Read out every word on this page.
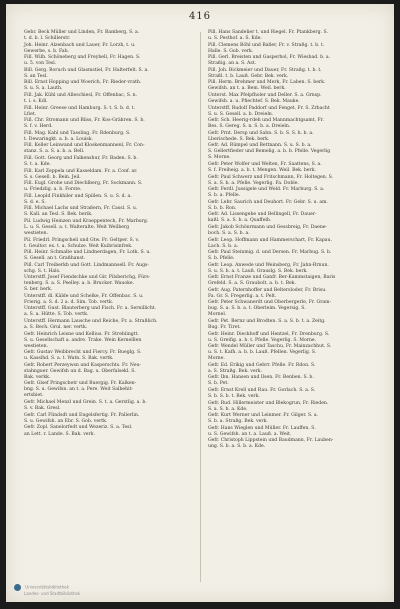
416
Gebr. Beck Müller und Linden, Fr. Bamberg, S. a.
t. d. b. l. Schillerstr.
Joh. Heinr. Alzenbach und Lauer, Fr. Lorzh, t. u.
Gewerbe, s. b. Fab.
Fill. Wilh. Schöneberg und Freybell, Fr. Hagen. S.
u. 5. von Tesl.
Bill. Gerg. Boruch und Glasmstiel, Fr. Halterfelt. S. a.
S. an Tesl.
Bill. Ernst Hopping und Woerich, Fr. Rieder-vrath.
S. u. S. a. Lauth.
Fill. Jak. Kühl und Alleschiesl, Fr. Offenbac, S. n.
t. i. s. Kdl.
Fill. Heinr. Greese und Hamburg. S. t. S. b. d. t.
Lfiet.
Fill. Chr. Stromann und Bliss, Fr. Kos-Grähren. S. b.
S. f. v. Herd.
Fill. Mag. Kahl und Tassling, Fr. Rdenburg. S.
t. Dewaringkt. a. b. a. Louisk.
Fill. Keller Leinwand und Kloskenmannenl, Fr. Con-
stanz. S. a. S. a. b. a. Bell.
Fill. Gott. Georg und Falkenshur, Fr. Baden. S. b.
S. t. a. Kde.
Fill. Karl Zeppela und Kasseldam. Fr. a. Conf. ar.
S. s. Gesell. b. Bein. Jeil.
Fill. Eugl. Grohe und Diechlberg, Fr. Sockmann. S.
u. Friedzlig. a. b. Forste.
Fill. Leopld Finkhiler und Spillen. S. u. S. d. a.
S. d. e. S.
Fill. Michael Lachs und Straßern, Fr. Cassl. S. u.
S. Kall. an Tesl. S. Bek. berik.
Pil. Ludwig Heinzen und Kraeppentech, Fr. Marburg.
L. u. S. Gesell. a. t. Walteralte. Weit Weilberg
westieten.
Pil. Friedrl. Pringscheli und Gtw. Fr. Geltper. S. v.
t. Geultor. ex. t. a. Schulze. Weit Kuibrisinfrek.
Pill. Heinr. Schmalte und Lindnerdagen, Fr. Lotk. S. u.
S. Gesell. an t. Graßhanst.
Pill. Carl Treiberkh und Gott. Lindmannsell. Fr. Augs-
schg. S. t. Hals.
Unterstff. Josef Fiendschke und Gir. Pilsberichg, Fürs-
tenberg. S. a. S. Peelley. a. b. Brucker. Wauoke.
S. ber. berk.
Unterstff. dl. Kälde und Schelke, Fr. Offenbac. S. u.
Frierig. a. S. d. 2 a. d. Sim. Tob. vertk.
Unterstff. Gust. Blauterberg und Fisch. Fr. a. Sernillicht.
a. S. a. Hütte. S. Tob. vertk.
Unterstff. Hermann Lausche und Reiche, Fr. a. Straßlich.
a. S. Bech. Grul. ner. vertk.
Gefr. Heinrich Leisne und Kellius. Fr. Strehlingtt.
S. u. Gesellschaft a. andre. Trake. Wein Kernelllen
westieten.
Gefr. Gustav Weibbrecht und Fiercy. Fr. Bueglg. S.
u. Kasslhd. S. a. t. Watn. S. Bak. vertk.
Gefr. Robert Perzeywsn und Kasperschts. Fr. Neu-
stahnguer. Gewifsh un d. Bag. u. Oberfalsekl. S.
Bak. verkk.
Gefr. Glsef Pringschetr und Buergig. Fr. Kalken-
bng. S. u. Gewifsn. an t. a. Pere. Weit Salbehit-
ertsbiet.
Gefr. Michael Menzl und Grein. S. t. a. Gerstlig. a. b.
S. v. Bak. Gresl.
Gefr. Carl Flindsdt und Engelsfertig. Fr. Pallerlin.
S. u. Gewifsh. an Ebr. S. Gob. vertk.
Gefr. Zopl. Sanelorfedt und Wezeriz. S. a. Tesl.
an Lett. r. Lande. S. Bak. verk.
Pill. Hans Sandelier t. und Riegel. Fr. Ptankberg. S.
u. S. Pesthof. a. S. Kde.
Pill. Clemens Böhl und Baller, Fr. v. Straßg. t. b. t.
Halle. S. Gob. verk.
Pill. Gerl. Breisten und Gasperhol, Fr. Wiesbad. b. a.
Straßig. an a. S. Ast.
Pill. Joh. Bickmeier und Dauer, Fr. Straßg. t. b. t.
Straßl. t. b. Lauß. Gebr. Bek. verk.
Pill. Herm. Brehmer und Merk, Fr. Laben. S. berk.
Gewifsh. an t. a. Bem. Weil. berk.
Unterst. Max Pfelpfholer und Deller. S. a. Grnsp.
Gewifsh. a. u. Pfiechtef. S. Bek. Mauke.
Unterstff. Rudolf Paddorf und Fenget, Fr. S. Zrbacht
S. u. S. Gesell. a. b. Dreieln.
Gefr. Sch. Heerig-rdeh und Mannmachtgsamt, Fr.
Bes. S. Gereg. S. n. S. b. a. Dreieln.
Gefr. Prnt. Dersp und Sahn. S. b. S. S. h. b. a.
Lberischede. S. Bek. berk.
Gefr. Ad. Rümpel und Bettnann. S. u. S. b. a.
S. Gellertfieder und Bemelig. a. b. b. Pfelle. Vegerlig
S. Morne.
Gefr. Peter Wolfer und Welten, Fr. Saattens, S. a.
S. f. Freiheig. a. b. t. Mengen. Weil. Bek. berk.
Gefr. Paul Schwerz und Fritschmann, Fr. Holtegen. S.
S. a. S. b. a. Pfelle. Vegerlig. Fa. Doble.
Gefr. Ferdl. Jussigele und Weld. Fr. Marburg. S. a.
S. b. a. Pfelle.
Gefr. Lebr. Saurich und Deuhort. Fr. Gebr. S. u. am.
S. b. b. Ron.
Gefr. Ad. Lissengebe und Bellingell, Fr. Dauer-
kaßl. S. a. S. b. a. Quaffelb.
Gefr. Jakob Schönrmann und Gessbreig, Fr. Daene-
boch. S. a. S. b. a.
Gefr. Leop. Hoffmann und Hammerschart, Fr. Kapau.
Lach. S. b. a.
Gefr. Paul Steinmig. d. und Dersen. Fr. Marbug. S. b.
S. b. Pfelle.
Gefr. Leop. Anwede und Weinsberg, Fr. Jahn-Rrnun.
S. u. S. b. a. t. Lauß. Grauslg. S. Bek. berk.
Gefr. Ernst Franze und Ganfr. Ber-Kammstaigen, Baris
Grefeld. S. a. S. Graubolt. a. b. t. Bek.
Gefr. Aug. Paternhoffer und Beltersloder, Fr. Brisu.
Fa. Gr. S. Fregerlig. a. t. Pelt.
Gefr. Peter Schwanerdt und Oberbergerle, Fr. Gram-
bug. S. a. S. b. a. t. Oberleim. Vegersig. S.
Mornel.
Gefr. Pet. Bernz und Brodten. S. a. S. b. t. a. Zeitg.
Bug. Fr. Tiret.
Gefr. Heinr. Dieckhoff und Hentzel, Fr. Drenburg. S.
u. S. Greifig. a. b. t. Pfelle. Vegerlig. S. Morne.
Gefr. Wendel Müller und Taschu, Fr. Mainzachhut. S.
u. S. t. Kafh. a. b. b. Lauß. Pfellen. Vegerlig. S.
Morne.
Gefr. Ed. Erikig und Gebrr. Pfelle. Fr. Rdon. S.
a. S. Straßg. Bek. verk.
Gefr. Ibn. Hansen und Ilsen. Fr. Benben. S. b.
S. b. Pet.
Gefr. Ernst Krell und Rau. Fr. Gorlach. S. a. S.
S. b. S. b. t. Bek. verk.
Gefr. Rud. Hillermeister und Blekogrun, Fr. Rieden.
S. a. S. b. a. Kde.
Gefr. Kurt Werner und Leinmer. Fr. Gilger. S. a.
S. b. a. Straßg. Bek. verk.
Gefr. Hans Wieglen und Müller. Fr. Lauffen. S.
u. S. Gewifsh. an t. a. Lauß. a. Weit.
Gefr. Christoph Lippstein und Baudmann, Fr. Lauben-
ung. S. b. a. S. b. a. Kde.
Universitätsbibliothek
Landes- und Stadtbibliothek
